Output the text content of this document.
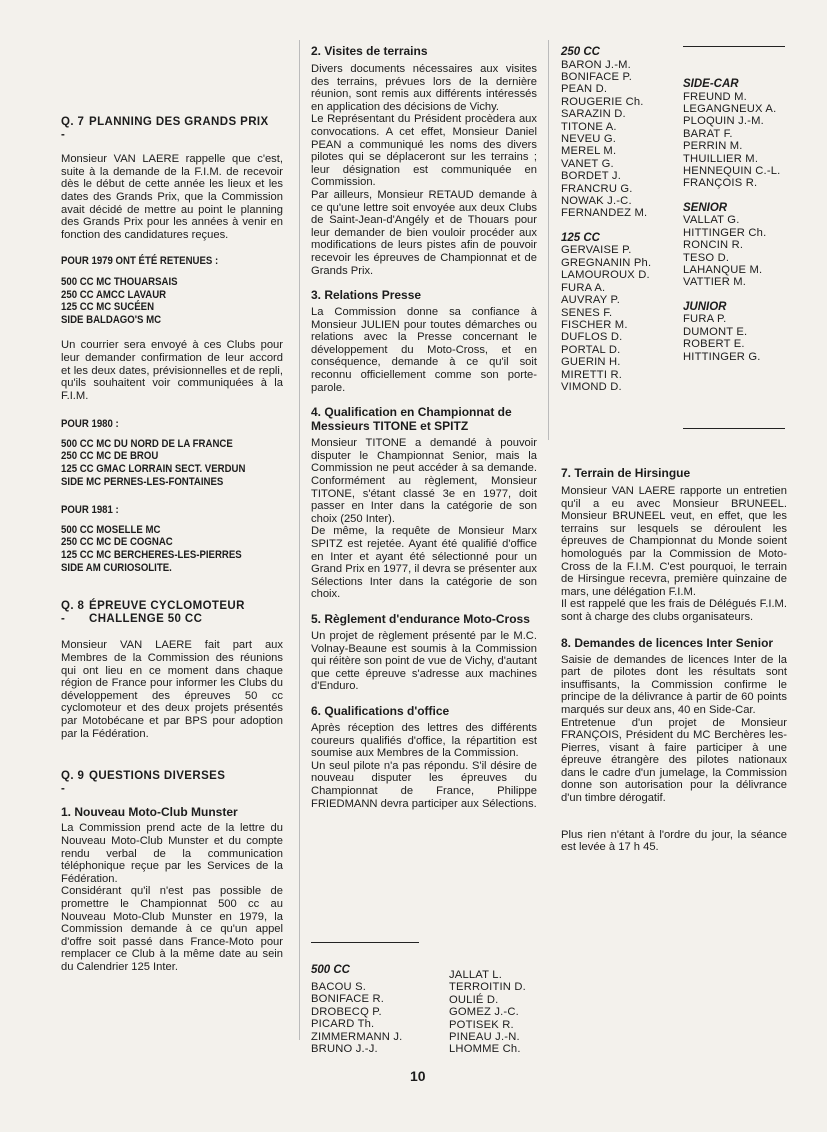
Q. 7 -
PLANNING DES GRANDS PRIX

Monsieur VAN LAERE rappelle que c'est, suite à la demande de la F.I.M. de recevoir dès le début de cette année les lieux et les dates des Grands Prix, que la Commission avait décidé de mettre au point le planning des Grands Prix pour les années à venir en fonction des candidatures reçues.

POUR 1979 ONT ÉTÉ RETENUES :

500 CC MC THOUARSAIS
250 CC AMCC LAVAUR
125 CC MC SUCÉEN
SIDE BALDAGO'S MC

Un courrier sera envoyé à ces Clubs pour leur demander confirmation de leur accord et les deux dates, prévisionnelles et de repli, qu'ils souhaitent voir communiquées à la F.I.M.

POUR 1980 :

500 CC MC DU NORD DE LA FRANCE
250 CC MC DE BROU
125 CC GMAC LORRAIN SECT. VERDUN
SIDE MC PERNES-LES-FONTAINES

POUR 1981 :

500 CC MOSELLE MC
250 CC MC DE COGNAC
125 CC MC BERCHERES-LES-PIERRES
SIDE AM CURIOSOLITE.
Q. 8 -
ÉPREUVE CYCLOMOTEUR CHALLENGE 50 CC

Monsieur VAN LAERE fait part aux Membres de la Commission des réunions qui ont lieu en ce moment dans chaque région de France pour informer les Clubs du développement des épreuves 50 cc cyclomoteur et des deux projets présentés par Motobécane et par BPS pour adoption par la Fédération.

Q. 9 -
QUESTIONS DIVERSES

1. Nouveau Moto-Club Munster

La Commission prend acte de la lettre du Nouveau Moto-Club Munster et du compte rendu verbal de la communication téléphonique reçue par les Services de la Fédération.

Considérant qu'il n'est pas possible de promettre le Championnat 500 cc au Nouveau Moto-Club Munster en 1979, la Commission demande à ce qu'un appel d'offre soit passé dans France-Moto pour remplacer ce Club à la même date au sein du Calendrier 125 Inter.

2. Visites de terrains

Divers documents nécessaires aux visites des terrains, prévues lors de la dernière réunion, sont remis aux différents intéressés en application des décisions de Vichy.

Le Représentant du Président procèdera aux convocations. A cet effet, Monsieur Daniel PEAN a communiqué les noms des divers pilotes qui se déplaceront sur les terrains ; leur désignation est communiquée en Commission.

Par ailleurs, Monsieur RETAUD demande à ce qu'une lettre soit envoyée aux deux Clubs de Saint-Jean-d'Angély et de Thouars pour leur demander de bien vouloir procéder aux modifications de leurs pistes afin de pouvoir recevoir les épreuves de Championnat et de Grands Prix.

3. Relations Presse

La Commission donne sa confiance à Monsieur JULIEN pour toutes démarches ou relations avec la Presse concernant le développement du Moto-Cross, et en conséquence, demande à ce qu'il soit reconnu officiellement comme son porte-parole.

4. Qualification en Championnat de

Messieurs TITONE et SPITZ

Monsieur TITONE a demandé à pouvoir disputer le Championnat Senior, mais la Commission ne peut accéder à sa demande. Conformément au règlement, Monsieur TITONE, s'étant classé 3e en 1977, doit passer en Inter dans la catégorie de son choix (250 Inter).

De même, la requête de Monsieur Marx SPITZ est rejetée. Ayant été qualifié d'office en Inter et ayant été sélectionné pour un Grand Prix en 1977, il devra se présenter aux Sélections Inter dans la catégorie de son choix.

5. Règlement d'endurance Moto-Cross

Un projet de règlement présenté par le M.C. Volnay-Beaune est soumis à la Commission qui réitère son point de vue de Vichy, d'autant que cette épreuve s'adresse aux machines d'Enduro.

6. Qualifications d'office

Après réception des lettres des différents coureurs qualifiés d'office, la répartition est soumise aux Membres de la Commission.

Un seul pilote n'a pas répondu. S'il désire de nouveau disputer les épreuves du Championnat de France, Philippe FRIEDMANN devra participer aux Sélections.

500 CC

BACOU S.
BONIFACE R.
DROBECQ P.
PICARD Th.
ZIMMERMANN J.
BRUNO J.-J.
JALLAT L.
TERROITIN D.
OULIÉ D.
GOMEZ J.-C.
POTISEK R.
PINEAU J.-N.
LHOMME Ch.

250 CC

BARON J.-M.
BONIFACE P.
PEAN D.
ROUGERIE Ch.
SARAZIN D.
TITONE A.
NEVEU G.
MEREL M.
VANET G.
BORDET J.
FRANCRU G.
NOWAK J.-C.
FERNANDEZ M.

125 CC

GERVAISE P.
GREGNANIN Ph.
LAMOUROUX D.
FURA A.
AUVRAY P.
SENES F.
FISCHER M.
DUFLOS D.
PORTAL D.
GUERIN H.
MIRETTI R.
VIMOND D.

SIDE-CAR

FREUND M.
LEGANGNEUX A.
PLOQUIN J.-M.
BARAT F.
PERRIN M.
THUILLIER M.
HENNEQUIN C.-L.
FRANÇOIS R.

SENIOR

VALLAT G.
HITTINGER Ch.
RONCIN R.
TESO D.
LAHANQUE M.
VATTIER M.

JUNIOR

FURA P.
DUMONT E.
ROBERT E.
HITTINGER G.

7. Terrain de Hirsingue

Monsieur VAN LAERE rapporte un entretien qu'il a eu avec Monsieur BRUNEEL. Monsieur BRUNEEL veut, en effet, que les terrains sur lesquels se déroulent les épreuves de Championnat du Monde soient homologués par la Commission de Moto-Cross de la F.I.M. C'est pourquoi, le terrain de Hirsingue recevra, première quinzaine de mars, une délégation F.I.M.

Il est rappelé que les frais de Délégués F.I.M. sont à charge des clubs organisateurs.

8. Demandes de licences Inter Senior

Saisie de demandes de licences Inter de la part de pilotes dont les résultats sont insuffisants, la Commission confirme le principe de la délivrance à partir de 60 points marqués sur deux ans, 40 en Side-Car.

Entretenue d'un projet de Monsieur FRANÇOIS, Président du MC Berchères les-Pierres, visant à faire participer à une épreuve étrangère des pilotes nationaux dans le cadre d'un jumelage, la Commission donne son autorisation pour la délivrance d'un timbre dérogatif.

Plus rien n'étant à l'ordre du jour, la séance est levée à 17 h 45.

10
